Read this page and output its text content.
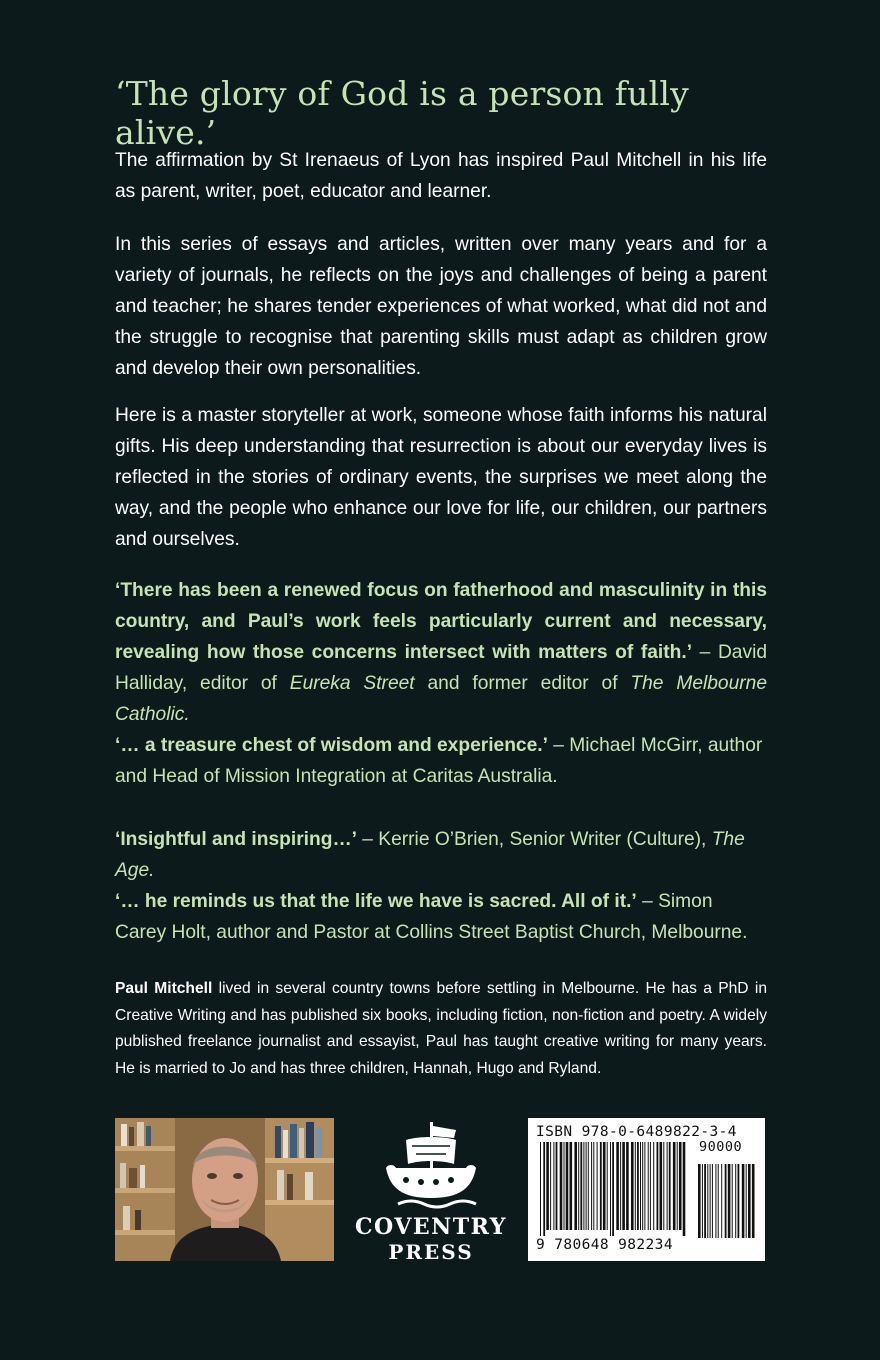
‘The glory of God is a person fully alive.’

The affirmation by St Irenaeus of Lyon has inspired Paul Mitchell in his life as parent, writer, poet, educator and learner.

In this series of essays and articles, written over many years and for a variety of journals, he reflects on the joys and challenges of being a parent and teacher; he shares tender experiences of what worked, what did not and the struggle to recognise that parenting skills must adapt as children grow and develop their own personalities.

Here is a master storyteller at work, someone whose faith informs his natural gifts. His deep understanding that resurrection is about our everyday lives is reflected in the stories of ordinary events, the surprises we meet along the way, and the people who enhance our love for life, our children, our partners and ourselves.

‘There has been a renewed focus on fatherhood and masculinity in this country, and Paul’s work feels particularly current and necessary, revealing how those concerns intersect with matters of faith.’ – David Halliday, editor of Eureka Street and former editor of The Melbourne Catholic.

‘… a treasure chest of wisdom and experience.’ – Michael McGirr, author and Head of Mission Integration at Caritas Australia.

‘Insightful and inspiring…’ – Kerrie O’Brien, Senior Writer (Culture), The Age.

‘… he reminds us that the life we have is sacred. All of it.’ – Simon Carey Holt, author and Pastor at Collins Street Baptist Church, Melbourne.

Paul Mitchell lived in several country towns before settling in Melbourne. He has a PhD in Creative Writing and has published six books, including fiction, non-fiction and poetry. A widely published freelance journalist and essayist, Paul has taught creative writing for many years. He is married to Jo and has three children, Hannah, Hugo and Ryland.

COVENTRY
PRESS
ISBN 978-0-6489822-3-4
90000
9 780648 982234
